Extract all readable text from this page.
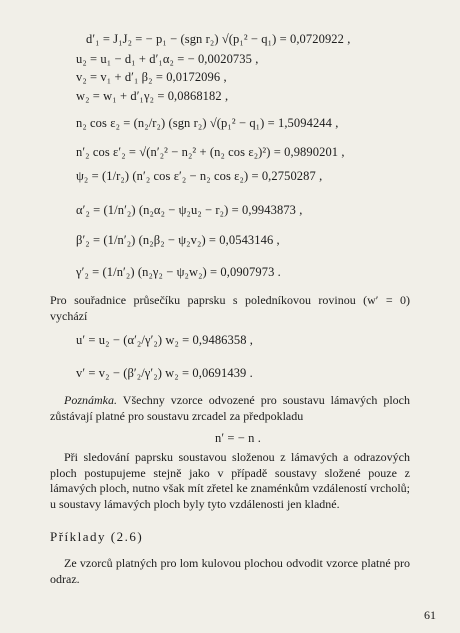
d′₁ = J₁J₂ = − p₁ − (sgn r₂) √(p₁² − q₁) = 0,0720922 ,
u₂ = u₁ − d₁ + d′₁α₂ = − 0,0020735 ,
v₂ = v₁ + d′₁ β₂ = 0,0172096 ,
w₂ = w₁ + d′₁γ₂ = 0,0868182 ,
n₂ cos ε₂ = (n₂/r₂) (sgn r₂) √(p₁² − q₁) = 1,5094244 ,
n′₂ cos ε′₂ = √(n′₂² − n₂² + (n₂ cos ε₂)²) = 0,9890201 ,
ψ₂ = (1/r₂) (n′₂ cos ε′₂ − n₂ cos ε₂) = 0,2750287 ,
α′₂ = (1/n′₂) (n₂α₂ − ψ₂u₂ − r₂) = 0,9943873 ,
β′₂ = (1/n′₂) (n₂β₂ − ψ₂v₂) = 0,0543146 ,
γ′₂ = (1/n′₂) (n₂γ₂ − ψ₂w₂) = 0,0907973 .
Pro souřadnice průsečíku paprsku s poledníkovou rovinou (w′ = 0) vychází
u′ = u₂ − (α′₂/γ′₂) w₂ = 0,9486358 ,
v′ = v₂ − (β′₂/γ′₂) w₂ = 0,0691439 .
Poznámka. Všechny vzorce odvozené pro soustavu lámavých ploch zůstávají platné pro soustavu zrcadel za předpokladu
n′ = − n .
Při sledování paprsku soustavou složenou z lámavých a odrazových ploch postupujeme stejně jako v případě soustavy složené pouze z lámavých ploch, nutno však mít zřetel ke znaménkům vzdáleností vrcholů; u soustavy lámavých ploch byly tyto vzdálenosti jen kladné.
Příklady (2.6)
Ze vzorců platných pro lom kulovou plochou odvodit vzorce platné pro odraz.
61
